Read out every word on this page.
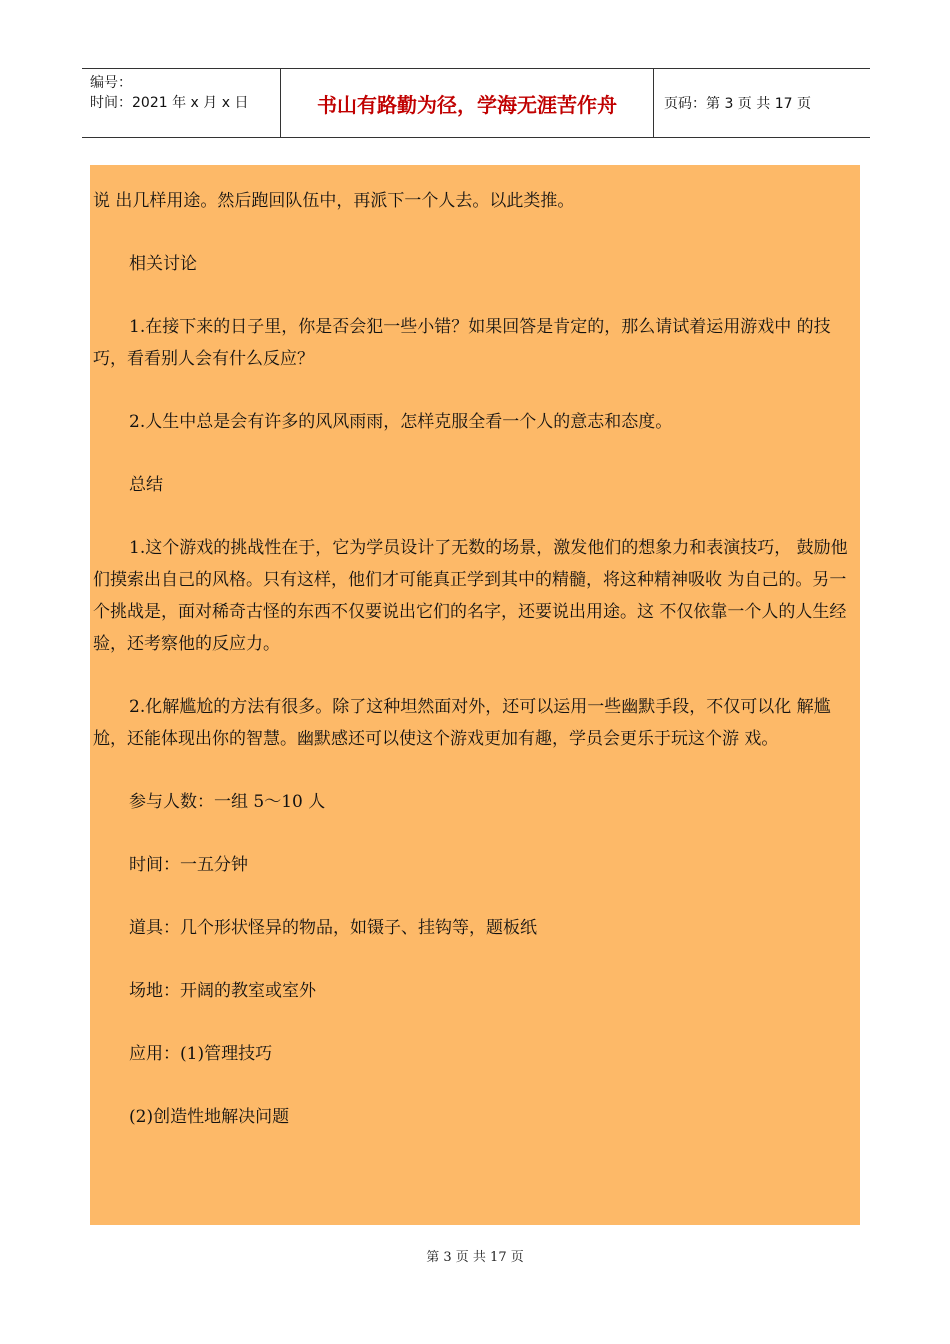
编号：
时间：2021 年 x 月 x 日	书山有路勤为径，学海无涯苦作舟	页码：第 3 页 共 17 页

说 出几样用途。然后跑回队伍中，再派下一个人去。以此类推。

相关讨论

1.在接下来的日子里，你是否会犯一些小错？如果回答是肯定的，那么请试着运用游戏中 的技巧，看看别人会有什么反应？

2.人生中总是会有许多的风风雨雨，怎样克服全看一个人的意志和态度。

总结

1.这个游戏的挑战性在于，它为学员设计了无数的场景，激发他们的想象力和表演技巧， 鼓励他们摸索出自己的风格。只有这样，他们才可能真正学到其中的精髓，将这种精神吸收 为自己的。另一个挑战是，面对稀奇古怪的东西不仅要说出它们的名字，还要说出用途。这 不仅依靠一个人的人生经验，还考察他的反应力。

2.化解尴尬的方法有很多。除了这种坦然面对外，还可以运用一些幽默手段，不仅可以化 解尴尬，还能体现出你的智慧。幽默感还可以使这个游戏更加有趣，学员会更乐于玩这个游 戏。

参与人数：一组 5～10 人

时间：一五分钟

道具：几个形状怪异的物品，如镊子、挂钩等，题板纸

场地：开阔的教室或室外

应用：(1)管理技巧

(2)创造性地解决问题

第 3 页 共 17 页
